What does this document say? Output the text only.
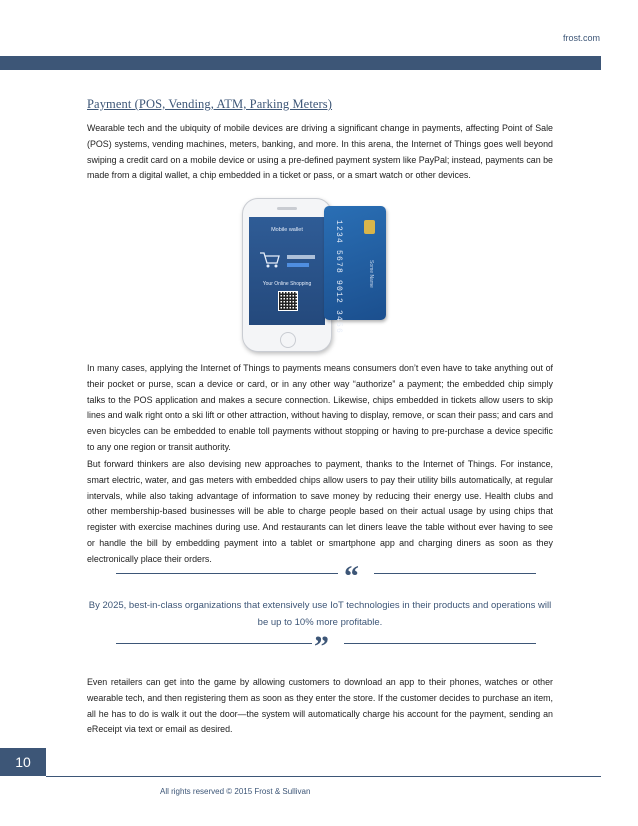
frost.com
Payment (POS, Vending, ATM, Parking Meters)

Wearable tech and the ubiquity of mobile devices are driving a significant change in payments, affecting Point of Sale (POS) systems, vending machines, meters, banking, and more. In this arena, the Internet of Things goes well beyond swiping a credit card on a mobile device or using a pre-defined payment system like PayPal; instead, payments can be made from a digital wallet, a chip embedded in a ticket or pass, or a smart watch or other devices.

Mobile wallet
Your Online Shopping	1234 5678 9012 3456	Some Name

In many cases, applying the Internet of Things to payments means consumers don’t even have to take anything out of their pocket or purse, scan a device or card, or in any other way “authorize” a payment; the embedded chip simply talks to the POS application and makes a secure connection. Likewise, chips embedded in tickets allow users to skip lines and walk right onto a ski lift or other attraction, without having to display, remove, or scan their pass; and cars and even bicycles can be embedded to enable toll payments without stopping or having to pre-purchase a device specific to any one region or transit authority.

But forward thinkers are also devising new approaches to payment, thanks to the Internet of Things. For instance, smart electric, water, and gas meters with embedded chips allow users to pay their utility bills automatically, at regular intervals, while also taking advantage of information to save money by reducing their energy use. Health clubs and other membership-based businesses will be able to charge people based on their actual usage by using chips that register with exercise machines during use. And restaurants can let diners leave the table without ever having to see or handle the bill by embedding payment into a tablet or smartphone app and charging diners as soon as they electronically place their orders.

“

By 2025, best-in-class organizations that extensively use IoT technologies in their products and operations will be up to 10% more profitable.

”

Even retailers can get into the game by allowing customers to download an app to their phones, watches or other wearable tech, and then registering them as soon as they enter the store. If the customer decides to purchase an item, all he has to do is walk it out the door—the system will automatically charge his account for the payment, sending an eReceipt via text or email as desired.

10
All rights reserved © 2015 Frost & Sullivan
